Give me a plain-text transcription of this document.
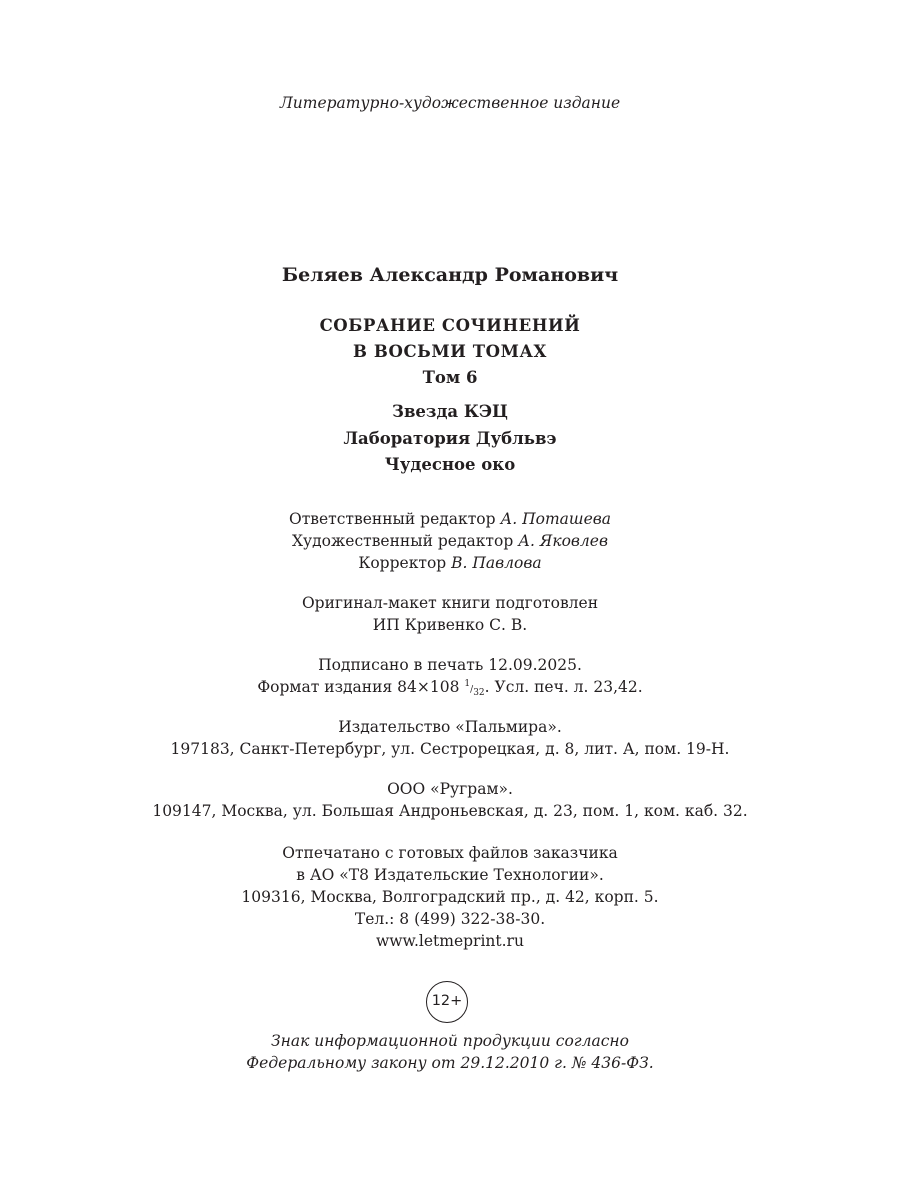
Литературно-художественное издание
Беляев Александр Романович
СОБРАНИЕ СОЧИНЕНИЙ
В ВОСЬМИ ТОМАХ
Том 6
Звезда КЭЦ
Лаборатория Дубльвэ
Чудесное око
Ответственный редактор А. Поташева
Художественный редактор А. Яковлев
Корректор В. Павлова
Оригинал-макет книги подготовлен
ИП Кривенко С. В.
Подписано в печать 12.09.2025.
Формат издания 84×108 1/32. Усл. печ. л. 23,42.
Издательство «Пальмира».
197183, Санкт-Петербург, ул. Сестрорецкая, д. 8, лит. А, пом. 19-Н.
ООО «Руграм».
109147, Москва, ул. Большая Андроньевская, д. 23, пом. 1, ком. каб. 32.
Отпечатано с готовых файлов заказчика
в АО «Т8 Издательские Технологии».
109316, Москва, Волгоградский пр., д. 42, корп. 5.
Тел.: 8 (499) 322-38-30.
www.letmeprint.ru
12+
Знак информационной продукции согласно
Федеральному закону от 29.12.2010 г. № 436-ФЗ.
